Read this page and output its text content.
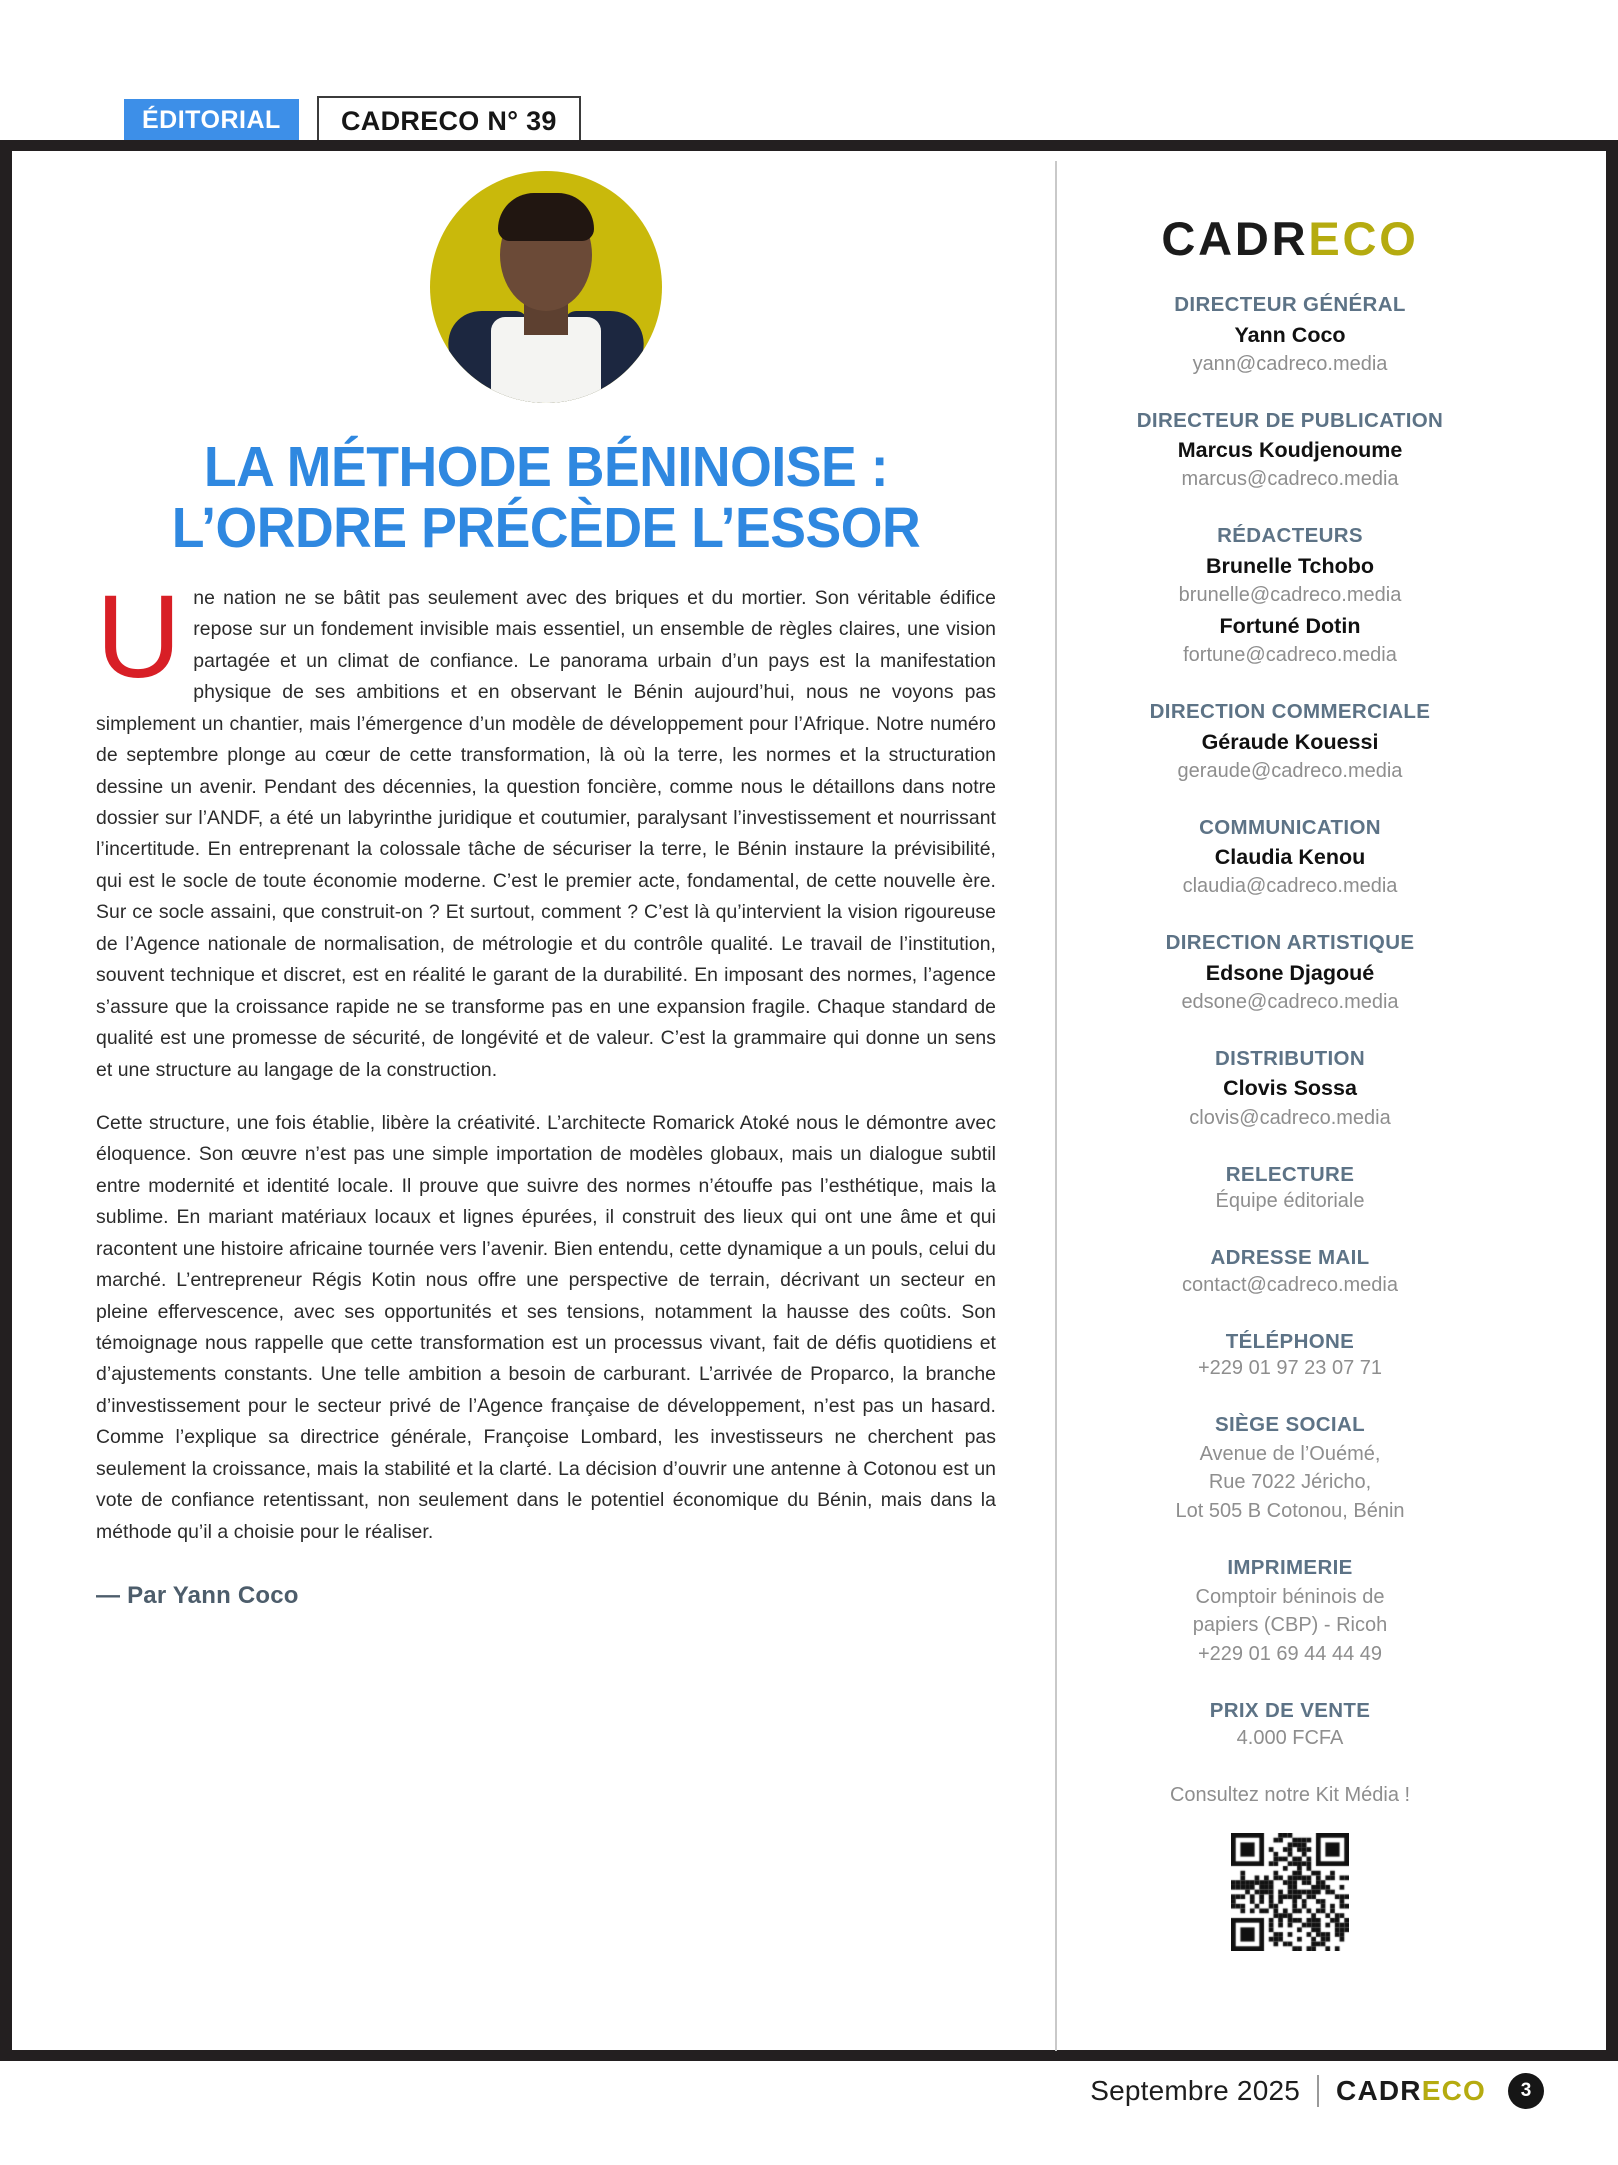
ÉDITORIAL	CADRECO N° 39
LA MÉTHODE BÉNINOISE :
L’ORDRE PRÉCÈDE L’ESSOR

Une nation ne se bâtit pas seulement avec des briques et du mortier. Son véritable édifice repose sur un fondement invisible mais essentiel, un ensemble de règles claires, une vision partagée et un climat de confiance. Le panorama urbain d’un pays est la manifestation physique de ses ambitions et en observant le Bénin aujourd’hui, nous ne voyons pas simplement un chantier, mais l’émergence d’un modèle de développement pour l’Afrique. Notre numéro de septembre plonge au cœur de cette transformation, là où la terre, les normes et la structuration dessine un avenir. Pendant des décennies, la question foncière, comme nous le détaillons dans notre dossier sur l’ANDF, a été un labyrinthe juridique et coutumier, paralysant l’investissement et nourrissant l’incertitude. En entreprenant la colossale tâche de sécuriser la terre, le Bénin instaure la prévisibilité, qui est le socle de toute économie moderne. C’est le premier acte, fondamental, de cette nouvelle ère. Sur ce socle assaini, que construit-on ? Et surtout, comment ? C’est là qu’intervient la vision rigoureuse de l’Agence nationale de normalisation, de métrologie et du contrôle qualité. Le travail de l’institution, souvent technique et discret, est en réalité le garant de la durabilité. En imposant des normes, l’agence s’assure que la croissance rapide ne se transforme pas en une expansion fragile. Chaque standard de qualité est une promesse de sécurité, de longévité et de valeur. C’est la grammaire qui donne un sens et une structure au langage de la construction.

Cette structure, une fois établie, libère la créativité. L’architecte Romarick Atoké nous le démontre avec éloquence. Son œuvre n’est pas une simple importation de modèles globaux, mais un dialogue subtil entre modernité et identité locale. Il prouve que suivre des normes n’étouffe pas l’esthétique, mais la sublime. En mariant matériaux locaux et lignes épurées, il construit des lieux qui ont une âme et qui racontent une histoire africaine tournée vers l’avenir. Bien entendu, cette dynamique a un pouls, celui du marché. L’entrepreneur Régis Kotin nous offre une perspective de terrain, décrivant un secteur en pleine effervescence, avec ses opportunités et ses tensions, notamment la hausse des coûts. Son témoignage nous rappelle que cette transformation est un processus vivant, fait de défis quotidiens et d’ajustements constants. Une telle ambition a besoin de carburant. L’arrivée de Proparco, la branche d’investissement pour le secteur privé de l’Agence française de développement, n’est pas un hasard. Comme l’explique sa directrice générale, Françoise Lombard, les investisseurs ne cherchent pas seulement la croissance, mais la stabilité et la clarté. La décision d’ouvrir une antenne à Cotonou est un vote de confiance retentissant, non seulement dans le potentiel économique du Bénin, mais dans la méthode qu’il a choisie pour le réaliser.

— Par Yann Coco
CADRECO
DIRECTEUR GÉNÉRAL
Yann Coco
yann@cadreco.media
DIRECTEUR DE PUBLICATION
Marcus Koudjenoume
marcus@cadreco.media
RÉDACTEURS
Brunelle Tchobo
brunelle@cadreco.media
Fortuné Dotin
fortune@cadreco.media
DIRECTION COMMERCIALE
Géraude Kouessi
geraude@cadreco.media
COMMUNICATION
Claudia Kenou
claudia@cadreco.media
DIRECTION ARTISTIQUE
Edsone Djagoué
edsone@cadreco.media
DISTRIBUTION
Clovis Sossa
clovis@cadreco.media
RELECTURE
Équipe éditoriale
ADRESSE MAIL
contact@cadreco.media
TÉLÉPHONE
+229 01 97 23 07 71
SIÈGE SOCIAL
Avenue de l’Ouémé,
Rue 7022 Jéricho,
Lot 505 B Cotonou, Bénin
IMPRIMERIE
Comptoir béninois de
papiers (CBP) - Ricoh
+229 01 69 44 44 49
PRIX DE VENTE
4.000 FCFA
Consultez notre Kit Média !
Septembre 2025 CADRECO	3
